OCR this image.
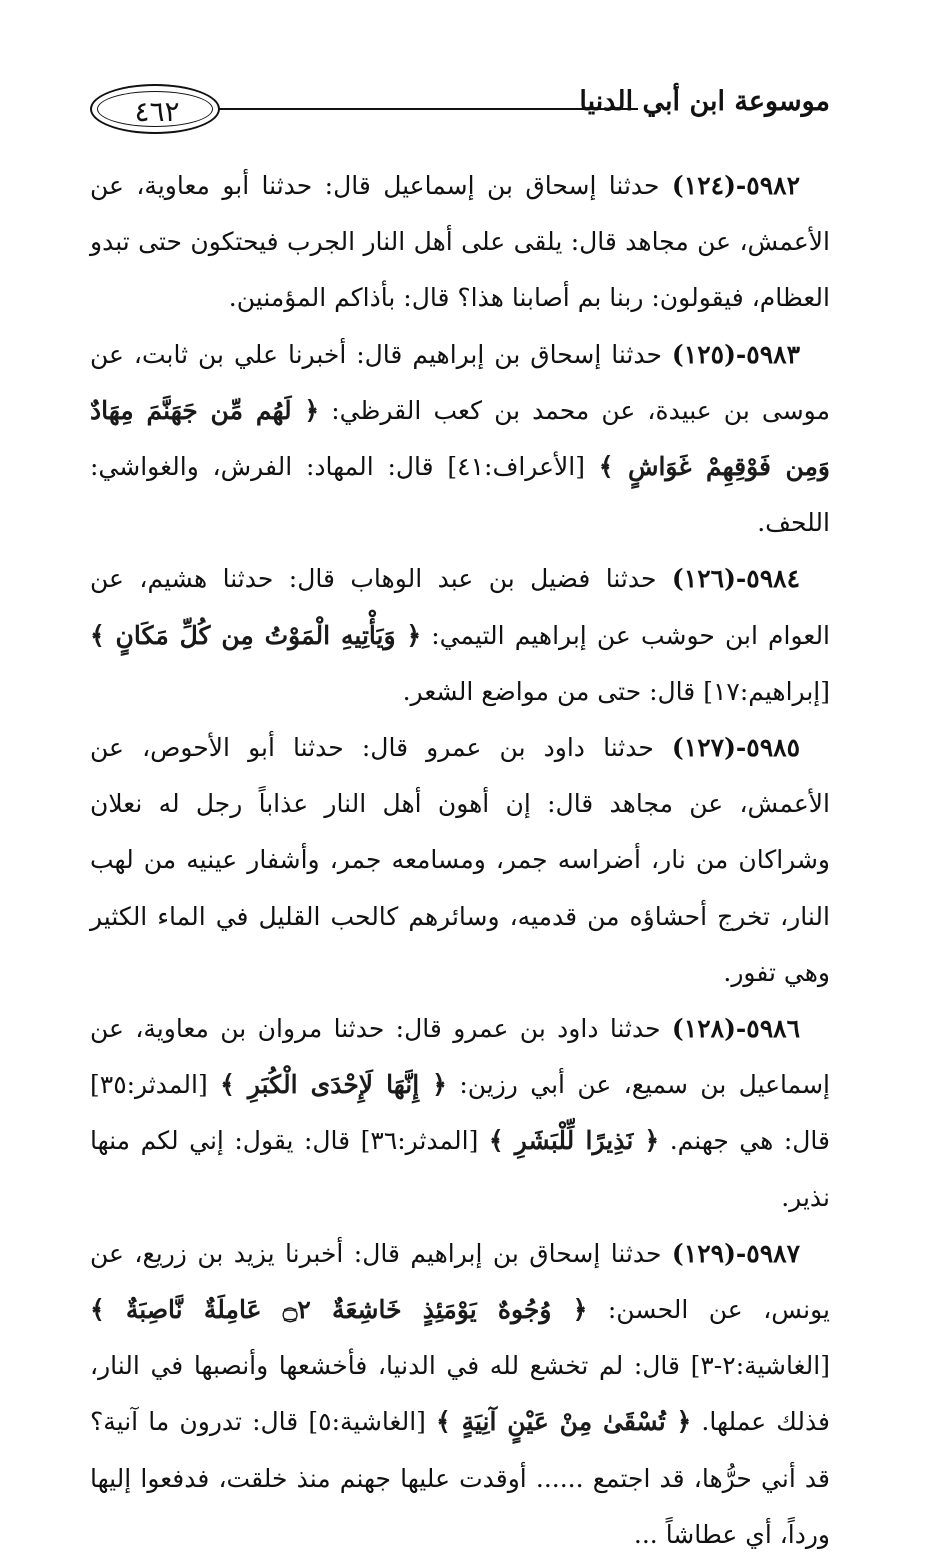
٤٦٢	موسوعة ابن أبي الدنيا

٥٩٨٢-(١٢٤) حدثنا إسحاق بن إسماعيل قال: حدثنا أبو معاوية، عن الأعمش، عن مجاهد قال: يلقى على أهل النار الجرب فيحتكون حتى تبدو العظام، فيقولون: ربنا بم أصابنا هذا؟ قال: بأذاكم المؤمنين.

٥٩٨٣-(١٢٥) حدثنا إسحاق بن إبراهيم قال: أخبرنا علي بن ثابت، عن موسى بن عبيدة، عن محمد بن كعب القرظي: ﴿ لَهُم مِّن جَهَنَّمَ مِهَادٌ وَمِن فَوْقِهِمْ غَوَاشٍ ﴾ [الأعراف:٤١] قال: المهاد: الفرش، والغواشي: اللحف.

٥٩٨٤-(١٢٦) حدثنا فضيل بن عبد الوهاب قال: حدثنا هشيم، عن العوام ابن حوشب عن إبراهيم التيمي: ﴿ وَيَأْتِيهِ الْمَوْتُ مِن كُلِّ مَكَانٍ ﴾ [إبراهيم:١٧] قال: حتى من مواضع الشعر.

٥٩٨٥-(١٢٧) حدثنا داود بن عمرو قال: حدثنا أبو الأحوص، عن الأعمش، عن مجاهد قال: إن أهون أهل النار عذاباً رجل له نعلان وشراكان من نار، أضراسه جمر، ومسامعه جمر، وأشفار عينيه من لهب النار، تخرج أحشاؤه من قدميه، وسائرهم كالحب القليل في الماء الكثير وهي تفور.

٥٩٨٦-(١٢٨) حدثنا داود بن عمرو قال: حدثنا مروان بن معاوية، عن إسماعيل بن سميع، عن أبي رزين: ﴿ إِنَّهَا لَإِحْدَى الْكُبَرِ ﴾ [المدثر:٣٥] قال: هي جهنم. ﴿ نَذِيرًا لِّلْبَشَرِ ﴾ [المدثر:٣٦] قال: يقول: إني لكم منها نذير.

٥٩٨٧-(١٢٩) حدثنا إسحاق بن إبراهيم قال: أخبرنا يزيد بن زريع، عن يونس، عن الحسن: ﴿ وُجُوهٌ يَوْمَئِذٍ خَاشِعَةٌ ۝٢ عَامِلَةٌ نَّاصِبَةٌ ﴾ [الغاشية:٢-٣] قال: لم تخشع لله في الدنيا، فأخشعها وأنصبها في النار، فذلك عملها. ﴿ تُسْقَىٰ مِنْ عَيْنٍ آنِيَةٍ ﴾ [الغاشية:٥] قال: تدرون ما آنية؟ قد أني حرُّها، قد اجتمع ...... أوقدت عليها جهنم منذ خلقت، فدفعوا إليها ورداً، أي عطاشاً ...
